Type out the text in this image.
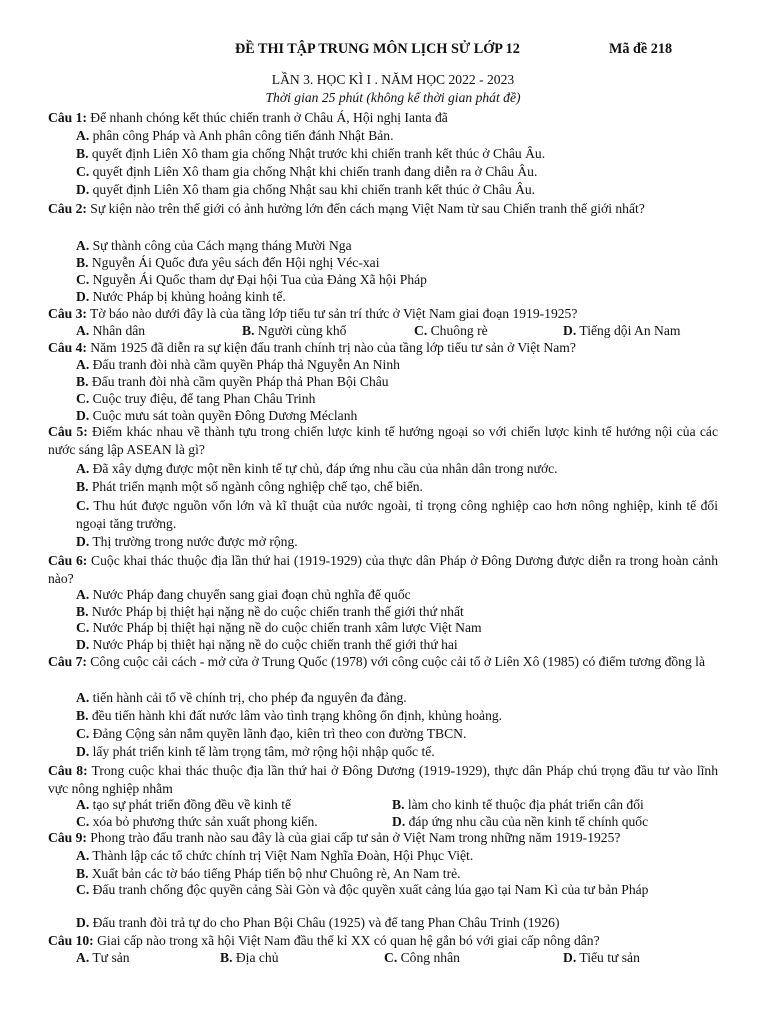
ĐỀ THI TẬP TRUNG MÔN LỊCH SỬ LỚP 12	Mã đề 218
LẦN 3. HỌC KÌ I . NĂM HỌC 2022 - 2023
Thời gian 25 phút (không kể thời gian phát đề)
Câu 1: Để nhanh chóng kết thúc chiến tranh ở Châu Á, Hội nghị Ianta đã
A. phân công Pháp và Anh phân công tiến đánh Nhật Bản.
B. quyết định Liên Xô tham gia chống Nhật trước khi chiến tranh kết thúc ở Châu Âu.
C. quyết định Liên Xô tham gia chống Nhật khi chiến tranh đang diễn ra ở Châu Âu.
D. quyết định Liên Xô tham gia chống Nhật sau khi chiến tranh kết thúc ở Châu Âu.
Câu 2: Sự kiện nào trên thế giới có ảnh hưởng lớn đến cách mạng Việt Nam từ sau Chiến tranh thế giới nhất?
A. Sự thành công của Cách mạng tháng Mười Nga
B. Nguyễn Ái Quốc đưa yêu sách đến Hội nghị Véc-xai
C. Nguyễn Ái Quốc tham dự Đại hội Tua của Đảng Xã hội Pháp
D. Nước Pháp bị khủng hoảng kinh tế.
Câu 3: Tờ báo nào dưới đây là của tầng lớp tiểu tư sản trí thức ở Việt Nam giai đoạn 1919-1925?
A. Nhân dân	B. Người cùng khổ	C. Chuông rè	D. Tiếng dội An Nam
Câu 4: Năm 1925 đã diễn ra sự kiện đấu tranh chính trị nào của tầng lớp tiểu tư sản ở Việt Nam?
A. Đấu tranh đòi nhà cầm quyền Pháp thả Nguyễn An Ninh
B. Đấu tranh đòi nhà cầm quyền Pháp thả Phan Bội Châu
C. Cuộc truy điệu, để tang Phan Châu Trinh
D. Cuộc mưu sát toàn quyền Đông Dương Méclanh
Câu 5: Điểm khác nhau về thành tựu trong chiến lược kinh tế hướng ngoại so với chiến lược kinh tế hướng nội của các nước sáng lập ASEAN là gì?
A. Đã xây dựng được một nền kinh tế tự chủ, đáp ứng nhu cầu của nhân dân trong nước.
B. Phát triển mạnh một số ngành công nghiệp chế tạo, chế biến.
C. Thu hút được nguồn vốn lớn và kĩ thuật của nước ngoài, tỉ trọng công nghiệp cao hơn nông nghiệp, kinh tế đối ngoại tăng trưởng.
D. Thị trường trong nước được mở rộng.
Câu 6: Cuộc khai thác thuộc địa lần thứ hai (1919-1929) của thực dân Pháp ở Đông Dương được diễn ra trong hoàn cảnh nào?
A. Nước Pháp đang chuyển sang giai đoạn chủ nghĩa đế quốc
B. Nước Pháp bị thiệt hại nặng nề do cuộc chiến tranh thế giới thứ nhất
C. Nước Pháp bị thiệt hại nặng nề do cuộc chiến tranh xâm lược Việt Nam
D. Nước Pháp bị thiệt hại nặng nề do cuộc chiến tranh thế giới thứ hai
Câu 7: Công cuộc cải cách - mở cửa ở Trung Quốc (1978) với công cuộc cải tổ ở Liên Xô (1985) có điểm tương đồng là
A. tiến hành cải tổ về chính trị, cho phép đa nguyên đa đảng.
B. đều tiến hành khi đất nước lâm vào tình trạng không ổn định, khủng hoảng.
C. Đảng Cộng sản nắm quyền lãnh đạo, kiên trì theo con đường TBCN.
D. lấy phát triển kinh tế làm trọng tâm, mở rộng hội nhập quốc tế.
Câu 8: Trong cuộc khai thác thuộc địa lần thứ hai ở Đông Dương (1919-1929), thực dân Pháp chú trọng đầu tư vào lĩnh vực nông nghiệp nhằm
A. tạo sự phát triển đồng đều về kinh tế	B. làm cho kinh tế thuộc địa phát triển cân đối
C. xóa bỏ phương thức sản xuất phong kiến.	D. đáp ứng nhu cầu của nền kinh tế chính quốc
Câu 9: Phong trào đấu tranh nào sau đây là của giai cấp tư sản ở Việt Nam trong những năm 1919-1925?
A. Thành lập các tổ chức chính trị Việt Nam Nghĩa Đoàn, Hội Phục Việt.
B. Xuất bản các tờ báo tiếng Pháp tiến bộ như Chuông rè, An Nam trẻ.
C. Đấu tranh chống độc quyền cảng Sài Gòn và độc quyền xuất cảng lúa gạo tại Nam Kì của tư bản Pháp
D. Đấu tranh đòi trả tự do cho Phan Bội Châu (1925) và để tang Phan Châu Trinh (1926)
Câu 10: Giai cấp nào trong xã hội Việt Nam đầu thế kỉ XX có quan hệ gắn bó với giai cấp nông dân?
A. Tư sản	B. Địa chủ	C. Công nhân	D. Tiểu tư sản
